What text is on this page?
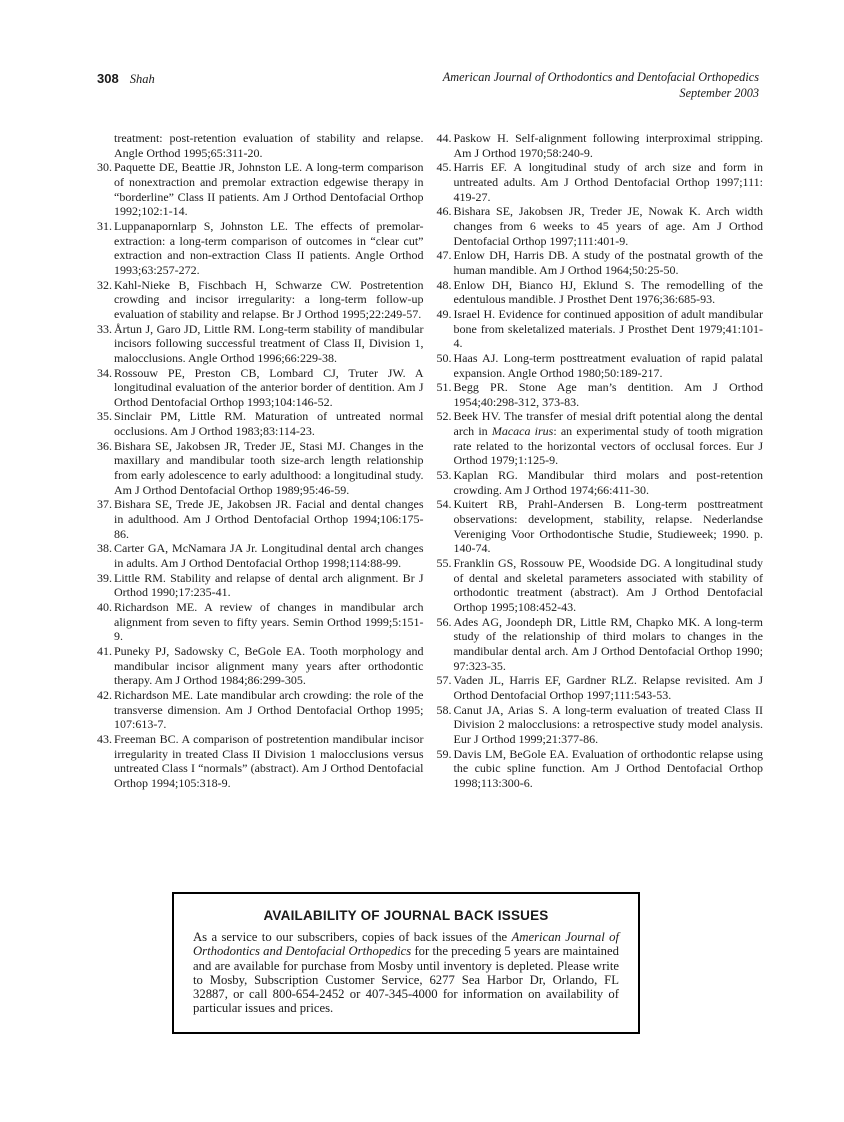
308 Shah	American Journal of Orthodontics and Dentofacial Orthopedics
September 2003

treatment: post-retention evaluation of stability and relapse. Angle Orthod 1995;65:311-20.

30. Paquette DE, Beattie JR, Johnston LE. A long-term comparison of nonextraction and premolar extraction edgewise therapy in “borderline” Class II patients. Am J Orthod Dentofacial Orthop 1992;102:1-14.
31. Luppanapornlarp S, Johnston LE. The effects of premolar-extraction: a long-term comparison of outcomes in “clear cut” extraction and non-extraction Class II patients. Angle Orthod 1993;63:257-272.
32. Kahl-Nieke B, Fischbach H, Schwarze CW. Postretention crowding and incisor irregularity: a long-term follow-up evaluation of stability and relapse. Br J Orthod 1995;22:249-57.
33. Årtun J, Garo JD, Little RM. Long-term stability of mandibular incisors following successful treatment of Class II, Division 1, malocclusions. Angle Orthod 1996;66:229-38.
34. Rossouw PE, Preston CB, Lombard CJ, Truter JW. A longitudinal evaluation of the anterior border of dentition. Am J Orthod Dentofacial Orthop 1993;104:146-52.
35. Sinclair PM, Little RM. Maturation of untreated normal occlusions. Am J Orthod 1983;83:114-23.
36. Bishara SE, Jakobsen JR, Treder JE, Stasi MJ. Changes in the maxillary and mandibular tooth size-arch length relationship from early adolescence to early adulthood: a longitudinal study. Am J Orthod Dentofacial Orthop 1989;95:46-59.
37. Bishara SE, Trede JE, Jakobsen JR. Facial and dental changes in adulthood. Am J Orthod Dentofacial Orthop 1994;106:175-86.
38. Carter GA, McNamara JA Jr. Longitudinal dental arch changes in adults. Am J Orthod Dentofacial Orthop 1998;114:88-99.
39. Little RM. Stability and relapse of dental arch alignment. Br J Orthod 1990;17:235-41.
40. Richardson ME. A review of changes in mandibular arch alignment from seven to fifty years. Semin Orthod 1999;5:151-9.
41. Puneky PJ, Sadowsky C, BeGole EA. Tooth morphology and mandibular incisor alignment many years after orthodontic therapy. Am J Orthod 1984;86:299-305.
42. Richardson ME. Late mandibular arch crowding: the role of the transverse dimension. Am J Orthod Dentofacial Orthop 1995; 107:613-7.
43. Freeman BC. A comparison of postretention mandibular incisor irregularity in treated Class II Division 1 malocclusions versus untreated Class I “normals” (abstract). Am J Orthod Dentofacial Orthop 1994;105:318-9.
44. Paskow H. Self-alignment following interproximal stripping. Am J Orthod 1970;58:240-9.
45. Harris EF. A longitudinal study of arch size and form in untreated adults. Am J Orthod Dentofacial Orthop 1997;111: 419-27.
46. Bishara SE, Jakobsen JR, Treder JE, Nowak K. Arch width changes from 6 weeks to 45 years of age. Am J Orthod Dentofacial Orthop 1997;111:401-9.
47. Enlow DH, Harris DB. A study of the postnatal growth of the human mandible. Am J Orthod 1964;50:25-50.
48. Enlow DH, Bianco HJ, Eklund S. The remodelling of the edentulous mandible. J Prosthet Dent 1976;36:685-93.
49. Israel H. Evidence for continued apposition of adult mandibular bone from skeletalized materials. J Prosthet Dent 1979;41:101-4.
50. Haas AJ. Long-term posttreatment evaluation of rapid palatal expansion. Angle Orthod 1980;50:189-217.
51. Begg PR. Stone Age man’s dentition. Am J Orthod 1954;40:298-312, 373-83.
52. Beek HV. The transfer of mesial drift potential along the dental arch in Macaca irus: an experimental study of tooth migration rate related to the horizontal vectors of occlusal forces. Eur J Orthod 1979;1:125-9.
53. Kaplan RG. Mandibular third molars and post-retention crowding. Am J Orthod 1974;66:411-30.
54. Kuitert RB, Prahl-Andersen B. Long-term posttreatment observations: development, stability, relapse. Nederlandse Vereniging Voor Orthodontische Studie, Studieweek; 1990. p. 140-74.
55. Franklin GS, Rossouw PE, Woodside DG. A longitudinal study of dental and skeletal parameters associated with stability of orthodontic treatment (abstract). Am J Orthod Dentofacial Orthop 1995;108:452-43.
56. Ades AG, Joondeph DR, Little RM, Chapko MK. A long-term study of the relationship of third molars to changes in the mandibular dental arch. Am J Orthod Dentofacial Orthop 1990; 97:323-35.
57. Vaden JL, Harris EF, Gardner RLZ. Relapse revisited. Am J Orthod Dentofacial Orthop 1997;111:543-53.
58. Canut JA, Arias S. A long-term evaluation of treated Class II Division 2 malocclusions: a retrospective study model analysis. Eur J Orthod 1999;21:377-86.
59. Davis LM, BeGole EA. Evaluation of orthodontic relapse using the cubic spline function. Am J Orthod Dentofacial Orthop 1998;113:300-6.
AVAILABILITY OF JOURNAL BACK ISSUES

As a service to our subscribers, copies of back issues of the American Journal of Orthodontics and Dentofacial Orthopedics for the preceding 5 years are maintained and are available for purchase from Mosby until inventory is depleted. Please write to Mosby, Subscription Customer Service, 6277 Sea Harbor Dr, Orlando, FL 32887, or call 800-654-2452 or 407-345-4000 for information on availability of particular issues and prices.
